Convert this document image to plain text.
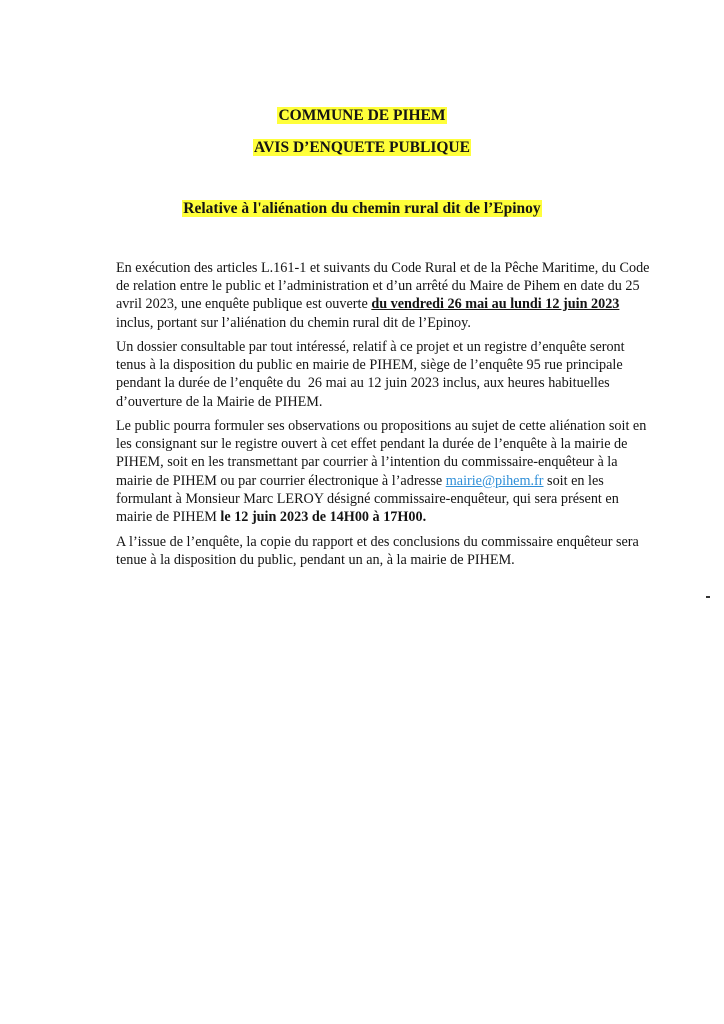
COMMUNE DE PIHEM
AVIS D’ENQUETE PUBLIQUE
Relative à l'aliénation du chemin rural dit de l’Epinoy

En exécution des articles L.161-1 et suivants du Code Rural et de la Pêche Maritime, du Code
de relation entre le public et l’administration et d’un arrêté du Maire de Pihem en date du 25
avril 2023, une enquête publique est ouverte du vendredi 26 mai au lundi 12 juin 2023
inclus, portant sur l’aliénation du chemin rural dit de l’Epinoy.

Un dossier consultable par tout intéressé, relatif à ce projet et un registre d’enquête seront
tenus à la disposition du public en mairie de PIHEM, siège de l’enquête 95 rue principale
pendant la durée de l’enquête du  26 mai au 12 juin 2023 inclus, aux heures habituelles
d’ouverture de la Mairie de PIHEM.

Le public pourra formuler ses observations ou propositions au sujet de cette aliénation soit en
les consignant sur le registre ouvert à cet effet pendant la durée de l’enquête à la mairie de
PIHEM, soit en les transmettant par courrier à l’intention du commissaire-enquêteur à la
mairie de PIHEM ou par courrier électronique à l’adresse mairie@pihem.fr soit en les
formulant à Monsieur Marc LEROY désigné commissaire-enquêteur, qui sera présent en
mairie de PIHEM le 12 juin 2023 de 14H00 à 17H00.

A l’issue de l’enquête, la copie du rapport et des conclusions du commissaire enquêteur sera
tenue à la disposition du public, pendant un an, à la mairie de PIHEM.
